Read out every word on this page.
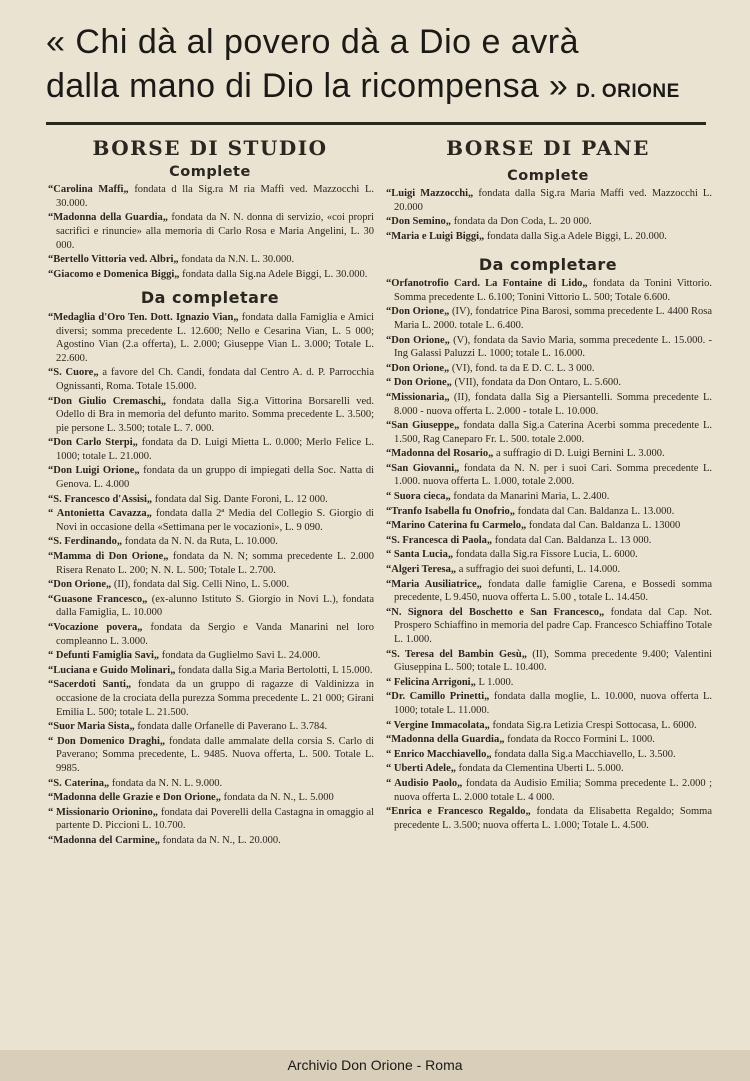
« Chi dà al povero dà a Dio e avrà
dalla mano di Dio la ricompensa » D. ORIONE
BORSE DI STUDIO
Complete
“Carolina Maffi„ fondata d lla Sig.ra M ria Maffi ved. Mazzocchi L. 30.000.
“Madonna della Guardia„ fondata da N. N. donna di servizio, «coi propri sacrifici e rinuncie» alla memoria di Carlo Rosa e Maria Angelini, L. 30 000.
“Bertello Vittoria ved. Albri„ fondata da N.N. L. 30.000.
“Giacomo e Domenica Biggi„ fondata dalla Sig.na Adele Biggi, L. 30.000.
Da completare
“Medaglia d'Oro Ten. Dott. Ignazio Vian„ fondata dalla Famiglia e Amici diversi; somma precedente L. 12.600; Nello e Cesarina Vian, L. 5 000; Agostino Vian (2.a offerta), L. 2.000; Giuseppe Vian L. 3.000; Totale L. 22.600.
“S. Cuore„ a favore del Ch. Candi, fondata dal Centro A. d. P. Parrocchia Ognissanti, Roma. Totale 15.000.
“Don Giulio Cremaschi„ fondata dalla Sig.a Vittorina Borsarelli ved. Odello di Bra in memoria del defunto marito. Somma precedente L. 3.500; pie persone L. 3.500; totale L. 7. 000.
“Don Carlo Sterpi„ fondata da D. Luigi Mietta L. 0.000; Merlo Felice L. 1000; totale L. 21.000.
“Don Luigi Orione„ fondata da un gruppo di impiegati della Soc. Natta di Genova. L. 4.000
“S. Francesco d'Assisi„ fondata dal Sig. Dante Foroni, L. 12 000.
“ Antonietta Cavazza„ fondata dalla 2ª Media del Collegio S. Giorgio di Novi in occasione della «Settimana per le vocazioni», L. 9 090.
“S. Ferdinando„ fondata da N. N. da Ruta, L. 10.000.
“Mamma di Don Orione„ fondata da N. N; somma precedente L. 2.000 Risera Renato L. 200; N. N. L. 500; Totale L. 2.700.
“Don Orione„ (II), fondata dal Sig. Celli Nino, L. 5.000.
“Guasone Francesco„ (ex-alunno Istituto S. Giorgio in Novi L.), fondata dalla Famiglia, L. 10.000
“Vocazione povera„ fondata da Sergio e Vanda Manarini nel loro compleanno L. 3.000.
“ Defunti Famiglia Savi„ fondata da Guglielmo Savi L. 24.000.
“Luciana e Guido Molinari„ fondata dalla Sig.a Maria Bertolotti, L 15.000.
“Sacerdoti Santi„ fondata da un gruppo di ragazze di Valdinizza in occasione de la crociata della purezza Somma precedente L. 21 000; Girani Emilia L. 500; totale L. 21.500.
“Suor Maria Sista„ fondata dalle Orfanelle di Paverano L. 3.784.
“ Don Domenico Draghi„ fondata dalle ammalate della corsia S. Carlo di Paverano; Somma precedente, L. 9485. Nuova offerta, L. 500. Totale L. 9985.
“S. Caterina„ fondata da N. N. L. 9.000.
“Madonna delle Grazie e Don Orione„ fondata da N. N., L. 5.000
“ Missionario Orionino„ fondata dai Poverelli della Castagna in omaggio al partente D. Piccioni L. 10.700.
“Madonna del Carmine„ fondata da N. N., L. 20.000.
BORSE DI PANE
Complete
“Luigi Mazzocchi„ fondata dalla Sig.ra Maria Maffi ved. Mazzocchi L. 20.000
“Don Semino„ fondata da Don Coda, L. 20 000.
“Maria e Luigi Biggi„ fondata dalla Sig.a Adele Biggi, L. 20.000.
Da completare
“Orfanotrofio Card. La Fontaine di Lido„ fondata da Tonini Vittorio. Somma precedente L. 6.100; Tonini Vittorio L. 500; Totale 6.600.
“Don Orione„ (IV), fondatrice Pina Barosi, somma precedente L. 4400 Rosa Maria L. 2000. totale L. 6.400.
“Don Orione„ (V), fondata da Savio Maria, somma precedente L. 15.000. - Ing Galassi Paluzzi L. 1000; totale L. 16.000.
“Don Orione„ (VI), fond. ta da E D. C. L. 3 000.
“ Don Orione„ (VII), fondata da Don Ontaro, L. 5.600.
“Missionaria„ (II), fondata dalla Sig a Piersantelli. Somma precedente L. 8.000 - nuova offerta L. 2.000 - totale L. 10.000.
“San Giuseppe„ fondata dalla Sig.a Caterina Acerbi somma precedente L. 1.500, Rag Caneparo Fr. L. 500. totale 2.000.
“Madonna del Rosario„ a suffragio di D. Luigi Bernini L. 3.000.
“San Giovanni„ fondata da N. N. per i suoi Cari. Somma precedente L. 1.000. nuova offerta L. 1.000, totale 2.000.
“ Suora cieca„ fondata da Manarini Maria, L. 2.400.
“Tranfo Isabella fu Onofrio„ fondata dal Can. Baldanza L. 13.000.
“Marino Caterina fu Carmelo„ fondata dal Can. Baldanza L. 13000
“S. Francesca di Paola„ fondata dal Can. Baldanza L. 13 000.
“ Santa Lucia„ fondata dalla Sig.ra Fissore Lucia, L. 6000.
“Algeri Teresa„ a suffragio dei suoi defunti, L. 14.000.
“Maria Ausiliatrice„ fondata dalle famiglie Carena, e Bossedi somma precedente, L 9.450, nuova offerta L. 5.00 , totale L. 14.450.
“N. Signora del Boschetto e San Francesco„ fondata dal Cap. Not. Prospero Schiaffino in memoria del padre Cap. Francesco Schiaffino Totale L. 1.000.
“S. Teresa del Bambin Gesù„ (II), Somma precedente 9.400; Valentini Giuseppina L. 500; totale L. 10.400.
“ Felicina Arrigoni„ L 1.000.
“Dr. Camillo Prinetti„ fondata dalla moglie, L. 10.000, nuova offerta L. 1000; totale L. 11.000.
“ Vergine Immacolata„ fondata Sig.ra Letizia Crespi Sottocasa, L. 6000.
“Madonna della Guardia„ fondata da Rocco Formini L. 1000.
“ Enrico Macchiavello„ fondata dalla Sig.a Macchiavello, L. 3.500.
“ Uberti Adele„ fondata da Clementina Uberti L. 5.000.
“ Audisio Paolo„ fondata da Audisio Emilia; Somma precedente L. 2.000 ; nuova offerta L. 2.000 totale L. 4 000.
“Enrica e Francesco Regaldo„ fondata da Elisabetta Regaldo; Somma precedente L. 3.500; nuova offerta L. 1.000; Totale L. 4.500.
Archivio Don Orione - Roma
